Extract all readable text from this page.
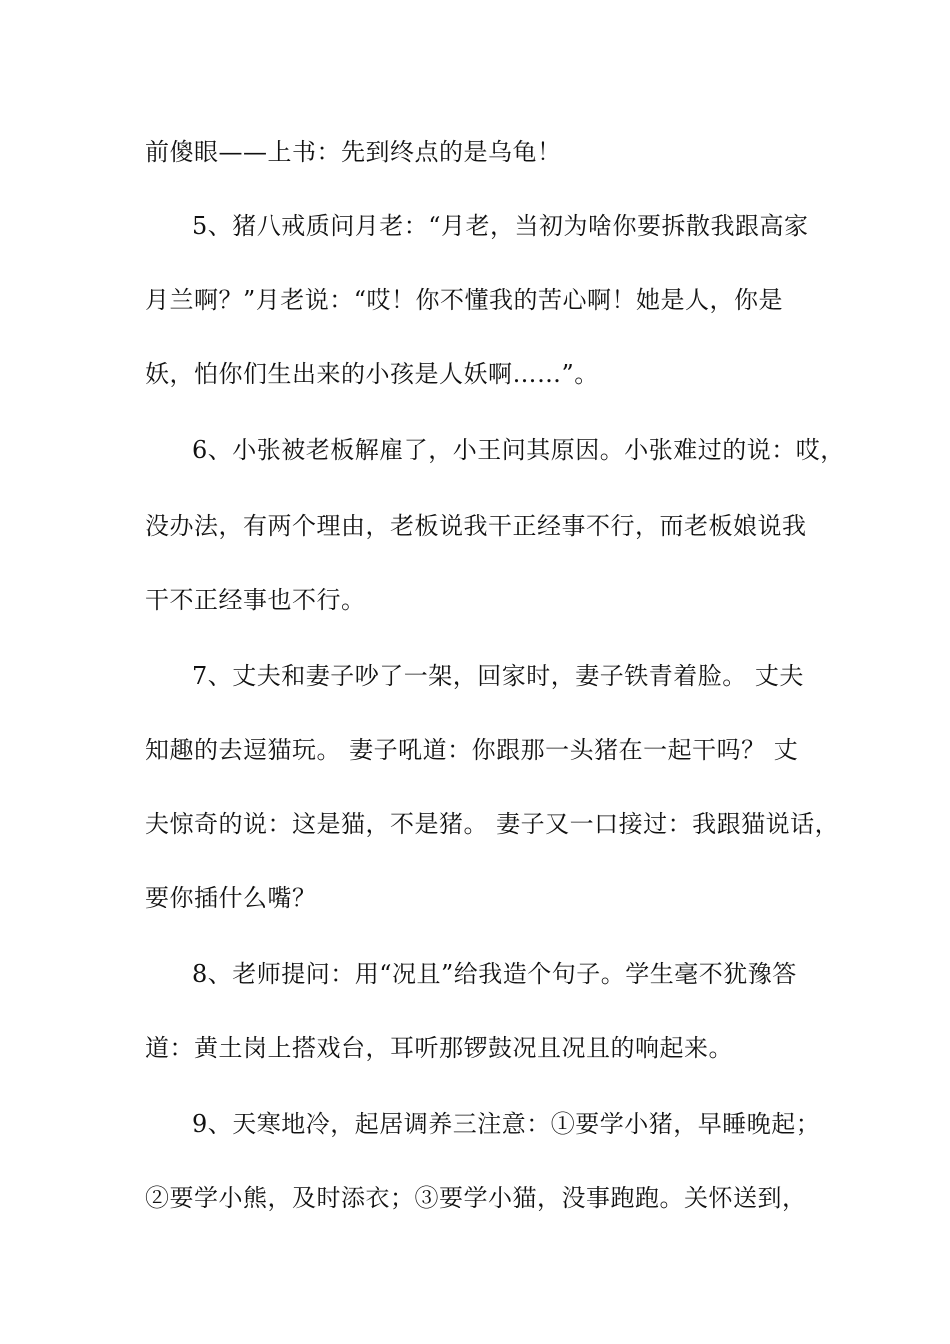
前傻眼——上书：先到终点的是乌龟！
5、猪八戒质问月老：“月老，当初为啥你要拆散我跟高家
月兰啊？”月老说：“哎！你不懂我的苦心啊！她是人，你是
妖，怕你们生出来的小孩是人妖啊……”。
6、小张被老板解雇了，小王问其原因。小张难过的说：哎，
没办法，有两个理由，老板说我干正经事不行，而老板娘说我
干不正经事也不行。
7、丈夫和妻子吵了一架，回家时，妻子铁青着脸。 丈夫
知趣的去逗猫玩。 妻子吼道：你跟那一头猪在一起干吗？ 丈
夫惊奇的说：这是猫，不是猪。 妻子又一口接过：我跟猫说话，
要你插什么嘴？
8、老师提问：用“况且”给我造个句子。学生毫不犹豫答
道：黄土岗上搭戏台，耳听那锣鼓况且况且的响起来。
9、天寒地冷，起居调养三注意：①要学小猪，早睡晚起；
②要学小熊，及时添衣；③要学小猫，没事跑跑。关怀送到，
